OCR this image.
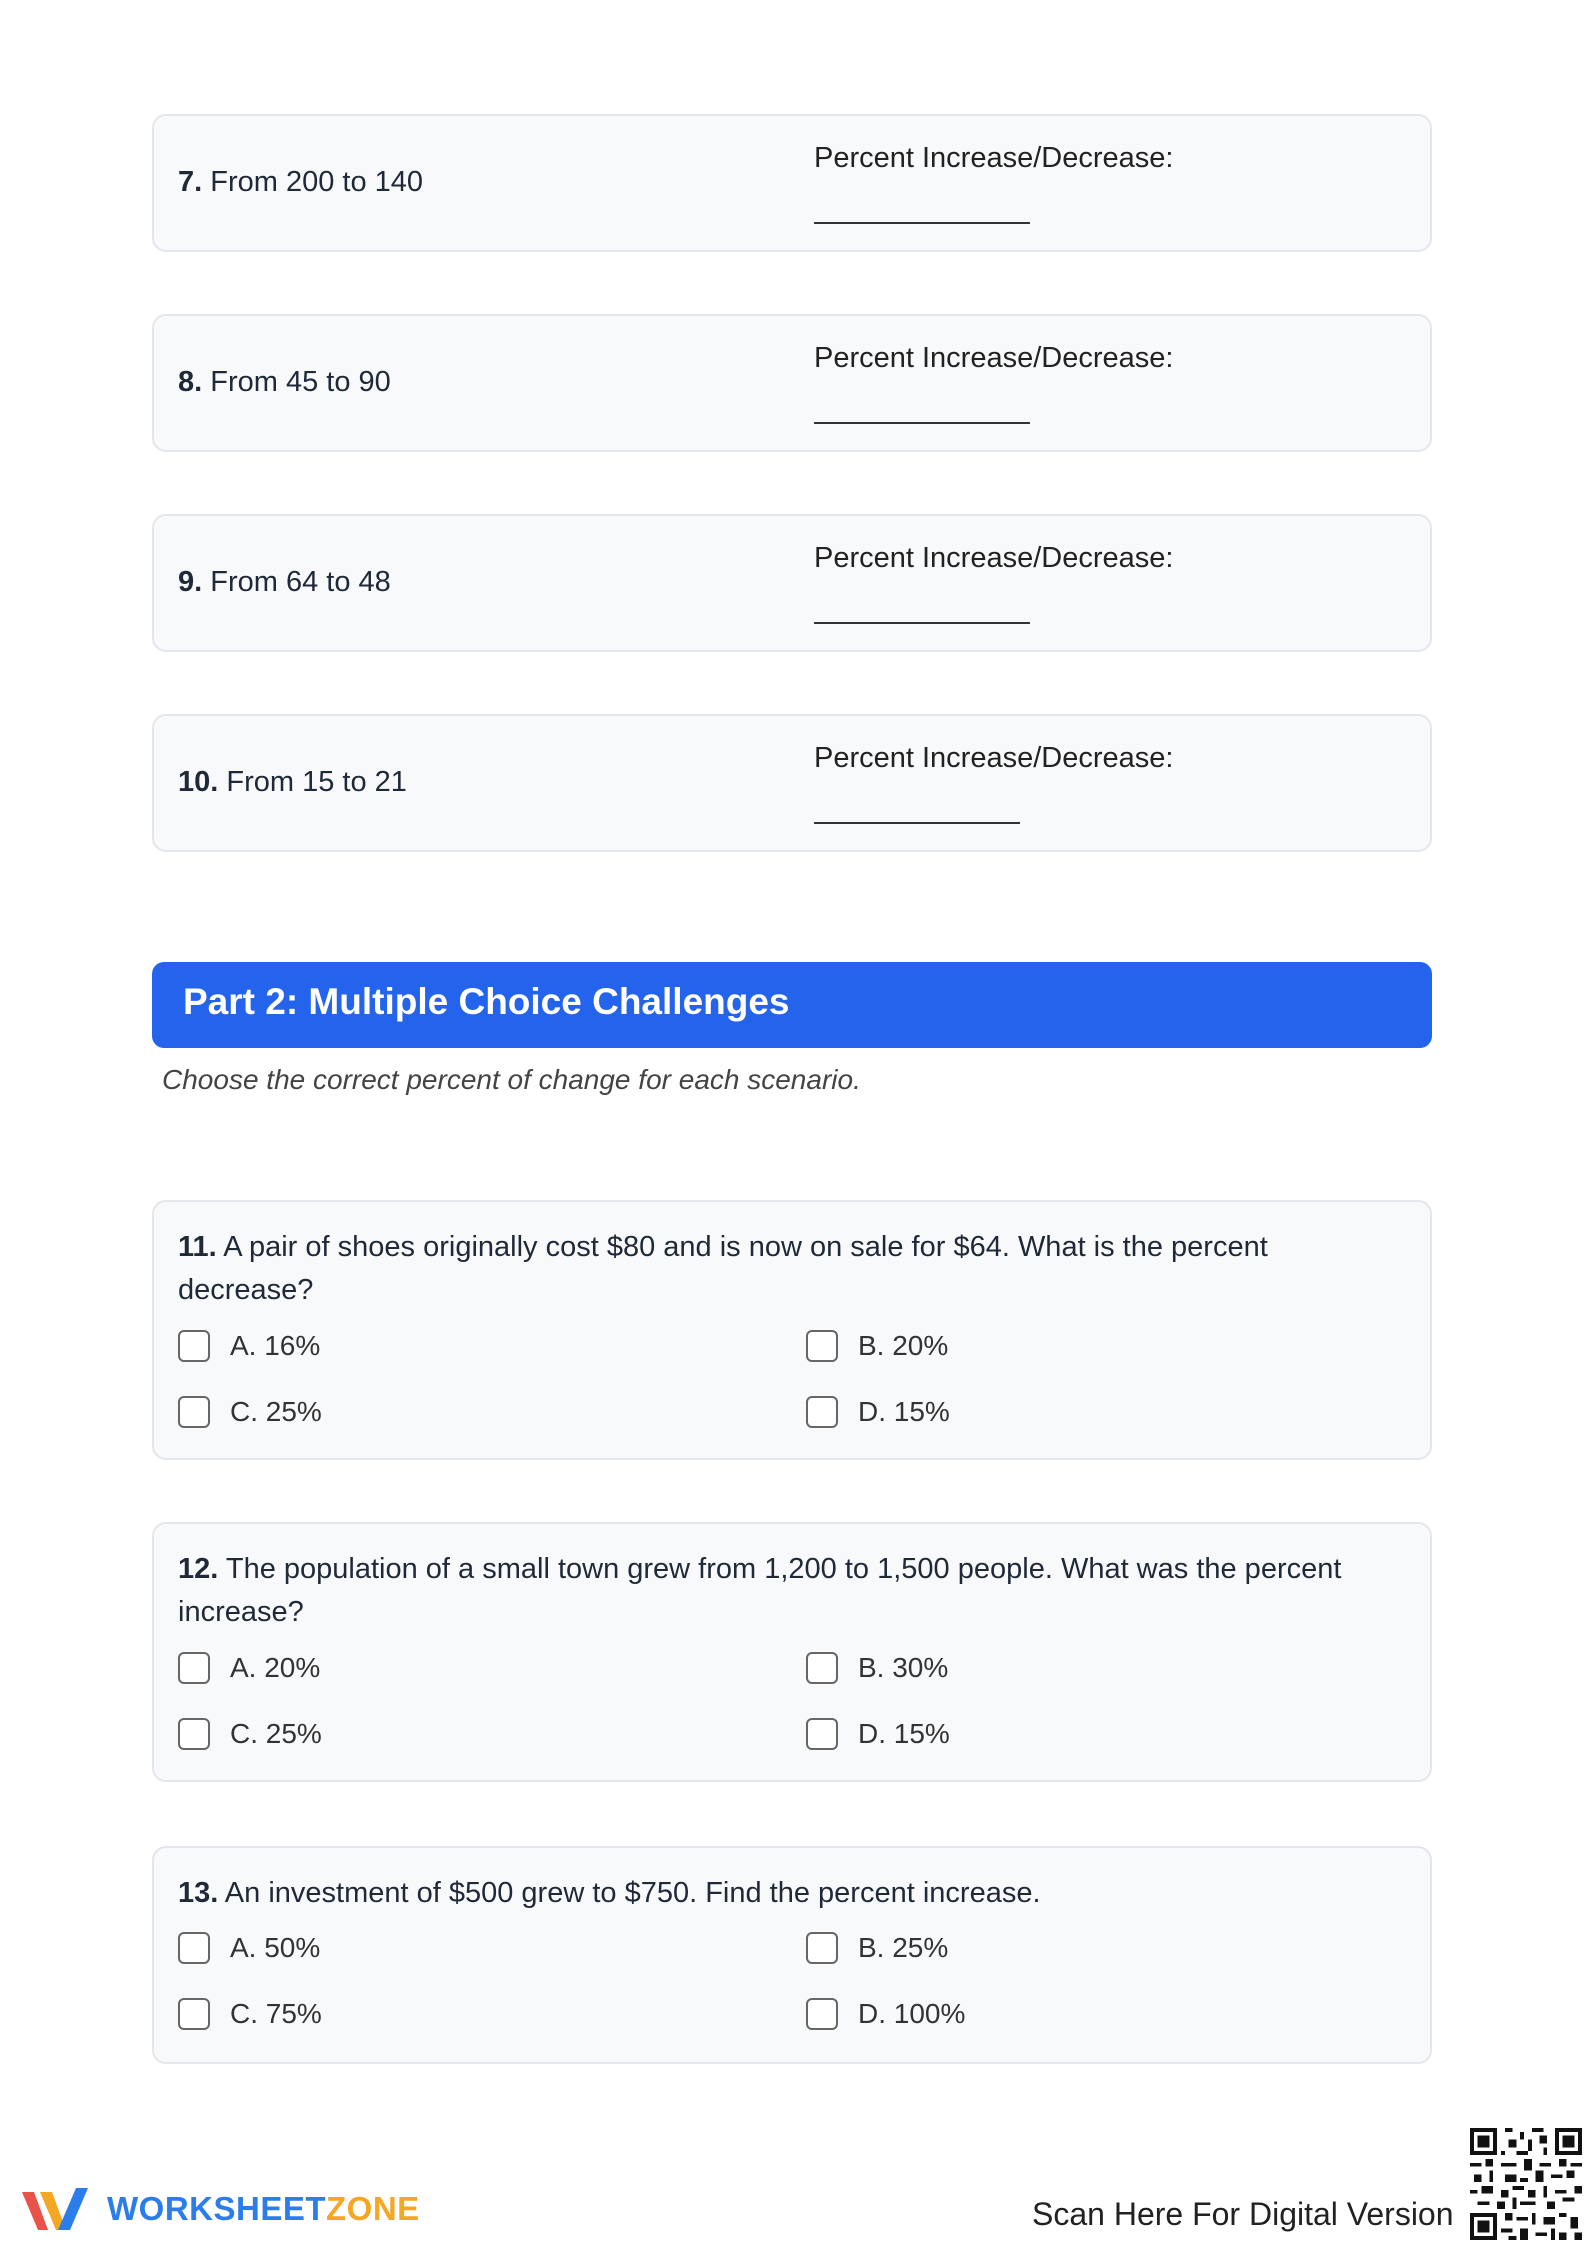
7. From 200 to 140
Percent Increase/Decrease:
8. From 45 to 90
Percent Increase/Decrease:
9. From 64 to 48
Percent Increase/Decrease:
10. From 15 to 21
Percent Increase/Decrease:
Part 2: Multiple Choice Challenges
Choose the correct percent of change for each scenario.
11. A pair of shoes originally cost $80 and is now on sale for $64. What is the percent decrease?
A. 16%	B. 20%
C. 25%	D. 15%
12. The population of a small town grew from 1,200 to 1,500 people. What was the percent increase?
A. 20%	B. 30%
C. 25%	D. 15%
13. An investment of $500 grew to $750. Find the percent increase.
A. 50%	B. 25%
C. 75%	D. 100%
WORKSHEETZONE	Scan Here For Digital Version
